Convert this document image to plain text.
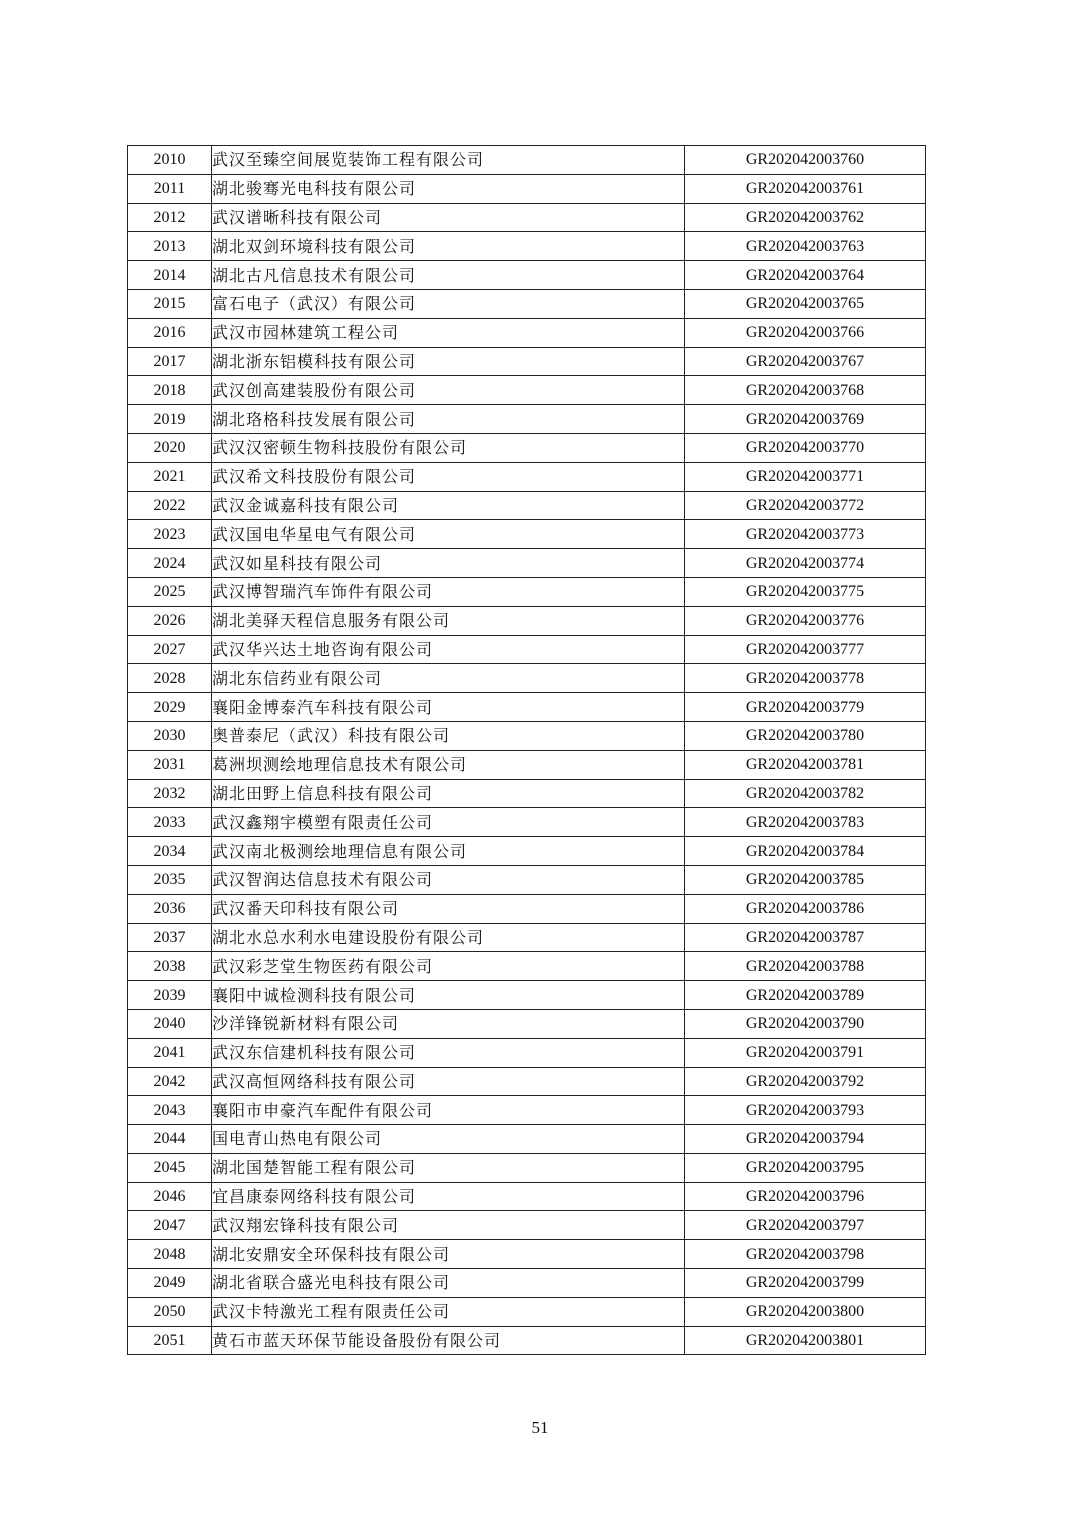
2010	武汉至臻空间展览装饰工程有限公司	GR202042003760
2011	湖北骏骞光电科技有限公司	GR202042003761
2012	武汉谱晰科技有限公司	GR202042003762
2013	湖北双剑环境科技有限公司	GR202042003763
2014	湖北古凡信息技术有限公司	GR202042003764
2015	富石电子（武汉）有限公司	GR202042003765
2016	武汉市园林建筑工程公司	GR202042003766
2017	湖北浙东铝模科技有限公司	GR202042003767
2018	武汉创高建装股份有限公司	GR202042003768
2019	湖北珞格科技发展有限公司	GR202042003769
2020	武汉汉密顿生物科技股份有限公司	GR202042003770
2021	武汉希文科技股份有限公司	GR202042003771
2022	武汉金诚嘉科技有限公司	GR202042003772
2023	武汉国电华星电气有限公司	GR202042003773
2024	武汉如星科技有限公司	GR202042003774
2025	武汉博智瑞汽车饰件有限公司	GR202042003775
2026	湖北美驿天程信息服务有限公司	GR202042003776
2027	武汉华兴达土地咨询有限公司	GR202042003777
2028	湖北东信药业有限公司	GR202042003778
2029	襄阳金博泰汽车科技有限公司	GR202042003779
2030	奥普泰尼（武汉）科技有限公司	GR202042003780
2031	葛洲坝测绘地理信息技术有限公司	GR202042003781
2032	湖北田野上信息科技有限公司	GR202042003782
2033	武汉鑫翔宇模塑有限责任公司	GR202042003783
2034	武汉南北极测绘地理信息有限公司	GR202042003784
2035	武汉智润达信息技术有限公司	GR202042003785
2036	武汉番天印科技有限公司	GR202042003786
2037	湖北水总水利水电建设股份有限公司	GR202042003787
2038	武汉彩芝堂生物医药有限公司	GR202042003788
2039	襄阳中诚检测科技有限公司	GR202042003789
2040	沙洋锋锐新材料有限公司	GR202042003790
2041	武汉东信建机科技有限公司	GR202042003791
2042	武汉高恒网络科技有限公司	GR202042003792
2043	襄阳市申豪汽车配件有限公司	GR202042003793
2044	国电青山热电有限公司	GR202042003794
2045	湖北国楚智能工程有限公司	GR202042003795
2046	宜昌康泰网络科技有限公司	GR202042003796
2047	武汉翔宏锋科技有限公司	GR202042003797
2048	湖北安鼎安全环保科技有限公司	GR202042003798
2049	湖北省联合盛光电科技有限公司	GR202042003799
2050	武汉卡特激光工程有限责任公司	GR202042003800
2051	黄石市蓝天环保节能设备股份有限公司	GR202042003801
51
